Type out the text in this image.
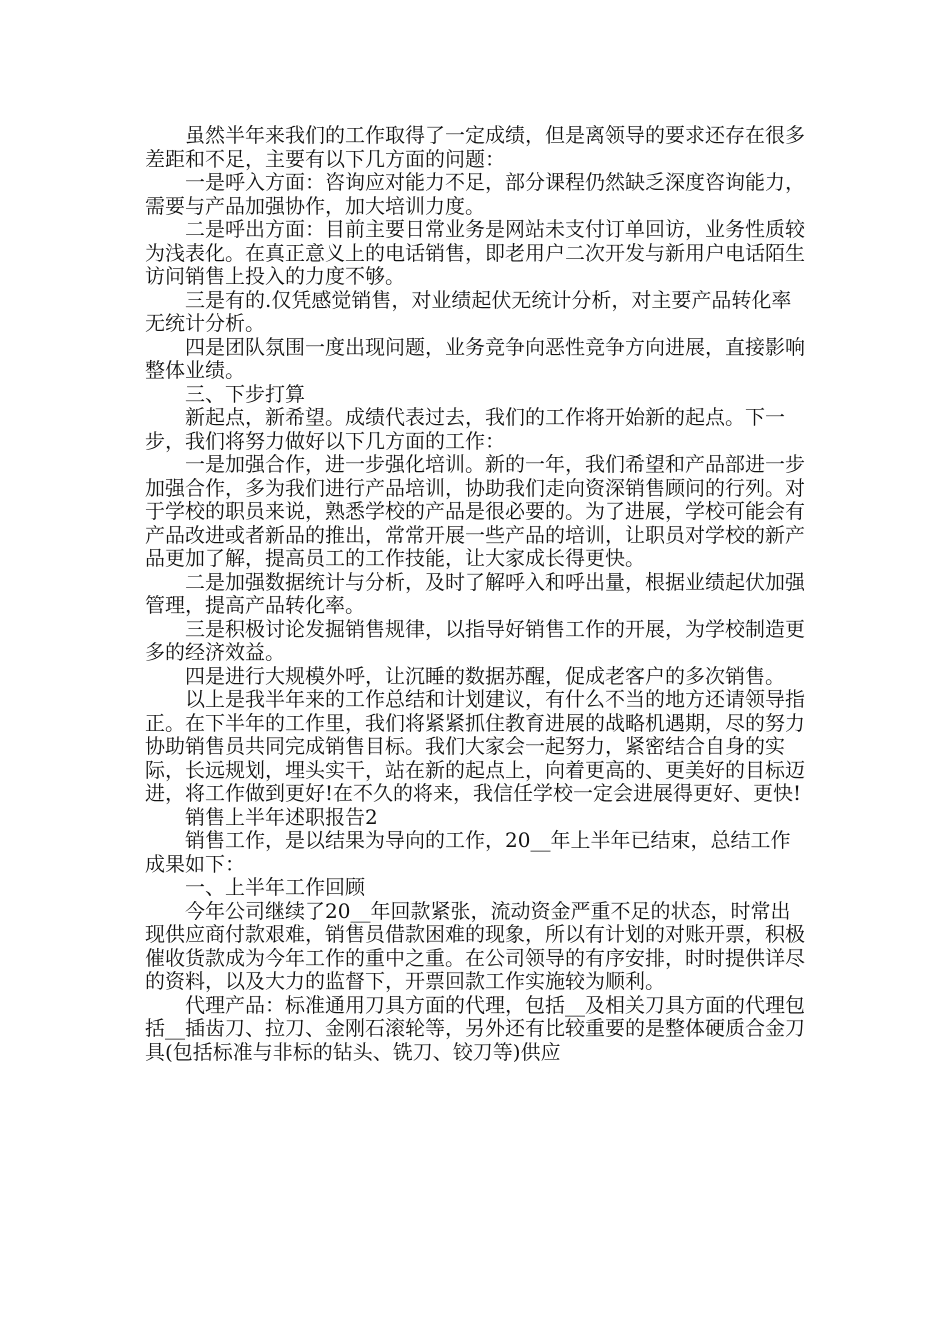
虽然半年来我们的工作取得了一定成绩，但是离领导的要求还存在很多差距和不足，主要有以下几方面的问题：

一是呼入方面：咨询应对能力不足，部分课程仍然缺乏深度咨询能力，需要与产品加强协作，加大培训力度。

二是呼出方面：目前主要日常业务是网站未支付订单回访，业务性质较为浅表化。在真正意义上的电话销售，即老用户二次开发与新用户电话陌生访问销售上投入的力度不够。

三是有的.仅凭感觉销售，对业绩起伏无统计分析，对主要产品转化率无统计分析。

四是团队氛围一度出现问题，业务竞争向恶性竞争方向进展，直接影响整体业绩。

三、下步打算

新起点，新希望。成绩代表过去，我们的工作将开始新的起点。下一步，我们将努力做好以下几方面的工作：

一是加强合作，进一步强化培训。新的一年，我们希望和产品部进一步加强合作，多为我们进行产品培训，协助我们走向资深销售顾问的行列。对于学校的职员来说，熟悉学校的产品是很必要的。为了进展，学校可能会有产品改进或者新品的推出，常常开展一些产品的培训，让职员对学校的新产品更加了解，提高员工的工作技能，让大家成长得更快。

二是加强数据统计与分析，及时了解呼入和呼出量，根据业绩起伏加强管理，提高产品转化率。

三是积极讨论发掘销售规律，以指导好销售工作的开展，为学校制造更多的经济效益。

四是进行大规模外呼，让沉睡的数据苏醒，促成老客户的多次销售。

以上是我半年来的工作总结和计划建议，有什么不当的地方还请领导指正。在下半年的工作里，我们将紧紧抓住教育进展的战略机遇期，尽的努力协助销售员共同完成销售目标。我们大家会一起努力，紧密结合自身的实际，长远规划，埋头实干，站在新的起点上，向着更高的、更美好的目标迈进，将工作做到更好!在不久的将来，我信任学校一定会进展得更好、更快!

销售上半年述职报告2

销售工作，是以结果为导向的工作，20__年上半年已结束，总结工作成果如下：

一、上半年工作回顾

今年公司继续了20__年回款紧张，流动资金严重不足的状态，时常出现供应商付款艰难，销售员借款困难的现象，所以有计划的对账开票，积极催收货款成为今年工作的重中之重。在公司领导的有序安排，时时提供详尽的资料，以及大力的监督下，开票回款工作实施较为顺利。

代理产品：标准通用刀具方面的代理，包括__及相关刀具方面的代理包括__插齿刀、拉刀、金刚石滚轮等，另外还有比较重要的是整体硬质合金刀具(包括标准与非标的钻头、铣刀、铰刀等)供应
